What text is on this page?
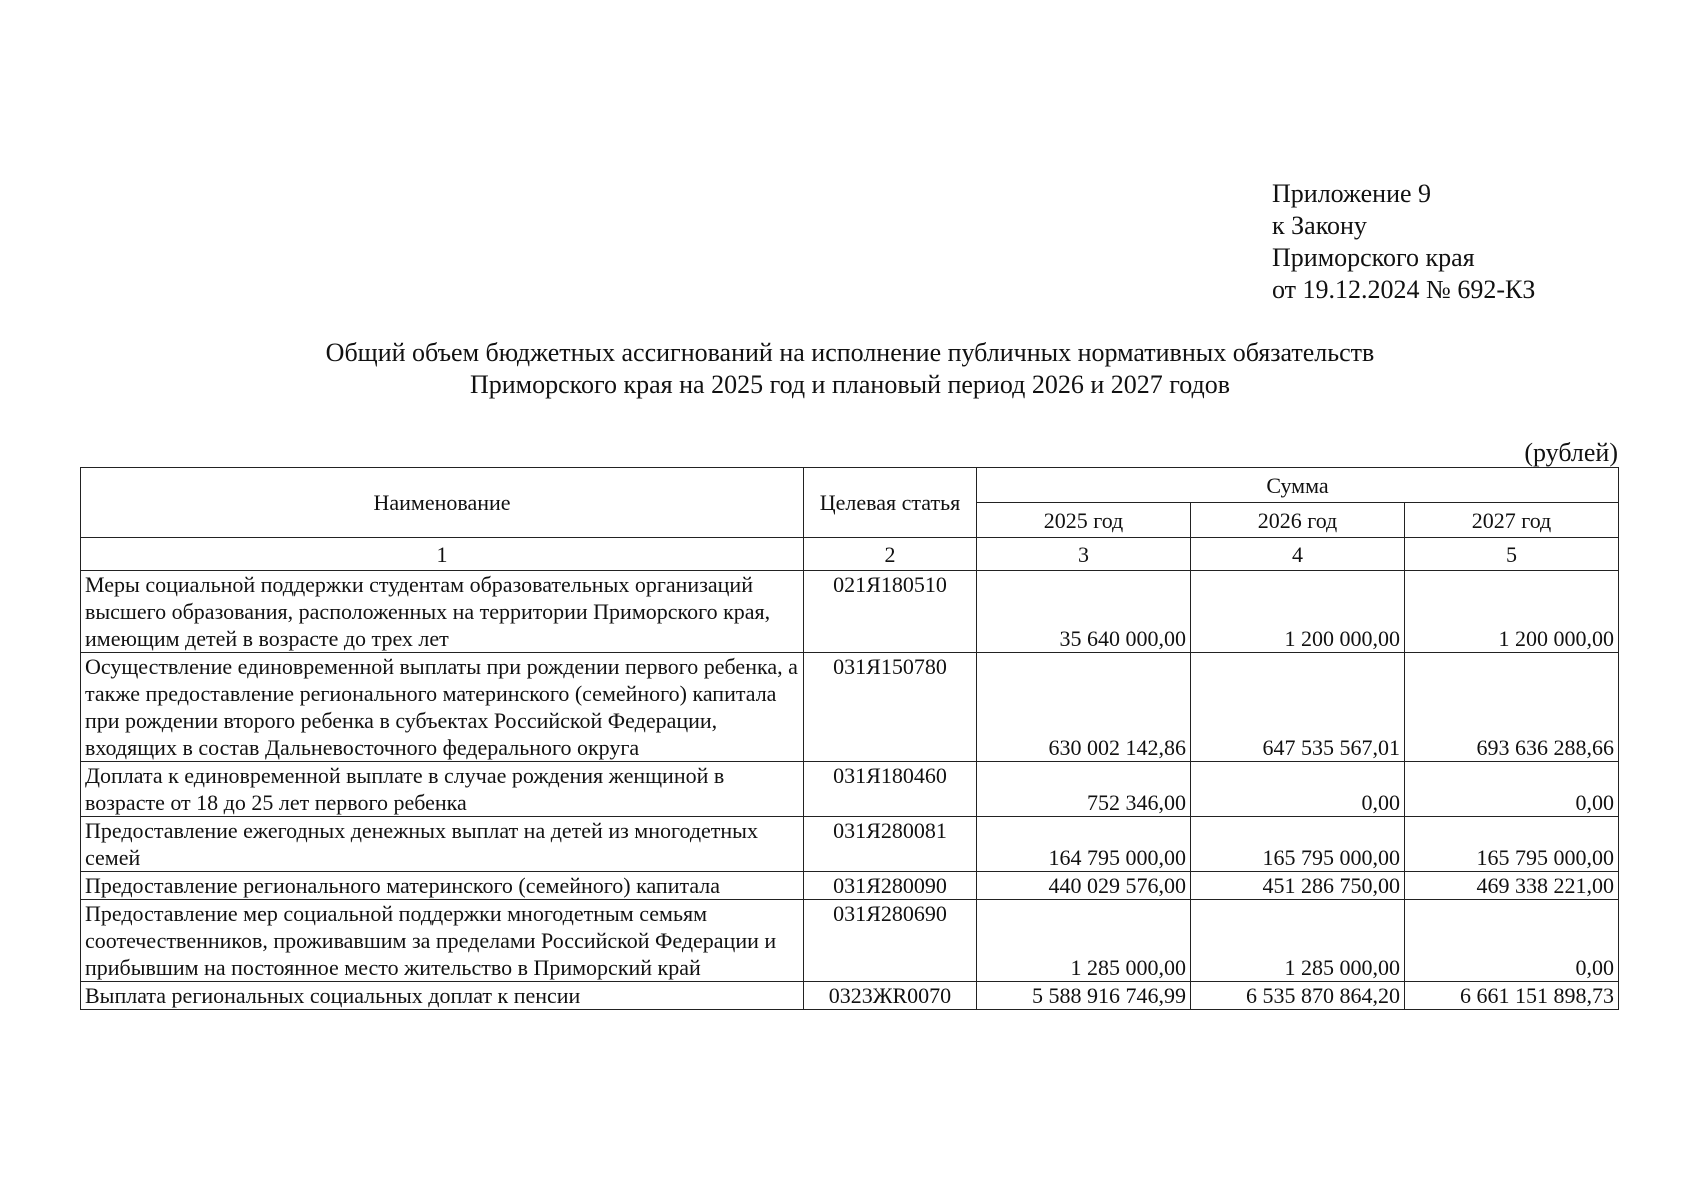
Приложение 9
к Закону
Приморского края
от 19.12.2024 № 692-КЗ
Общий объем бюджетных ассигнований на исполнение публичных нормативных обязательств
Приморского края на 2025 год и плановый период 2026 и 2027 годов
(рублей)
Наименование	Целевая статья	Сумма		
		2025 год	2026 год	2027 год
1	2	3	4	5
Меры социальной поддержки студентам образовательных организаций высшего образования, расположенных на территории Приморского края, имеющим детей в возрасте до трех лет	021Я180510	35 640 000,00	1 200 000,00	1 200 000,00
Осуществление единовременной выплаты при рождении первого ребенка, а также предоставление регионального материнского (семейного) капитала при рождении второго ребенка в субъектах Российской Федерации, входящих в состав Дальневосточного федерального округа	031Я150780	630 002 142,86	647 535 567,01	693 636 288,66
Доплата к единовременной выплате в случае рождения женщиной в возрасте от 18 до 25 лет первого ребенка	031Я180460	752 346,00	0,00	0,00
Предоставление ежегодных денежных выплат на детей из многодетных семей	031Я280081	164 795 000,00	165 795 000,00	165 795 000,00
Предоставление регионального материнского (семейного) капитала	031Я280090	440 029 576,00	451 286 750,00	469 338 221,00
Предоставление мер социальной поддержки многодетным семьям соотечественников, проживавшим за пределами Российской Федерации и прибывшим на постоянное место жительство в Приморский край	031Я280690	1 285 000,00	1 285 000,00	0,00
Выплата региональных социальных доплат к пенсии	0323ЖR0070	5 588 916 746,99	6 535 870 864,20	6 661 151 898,73
